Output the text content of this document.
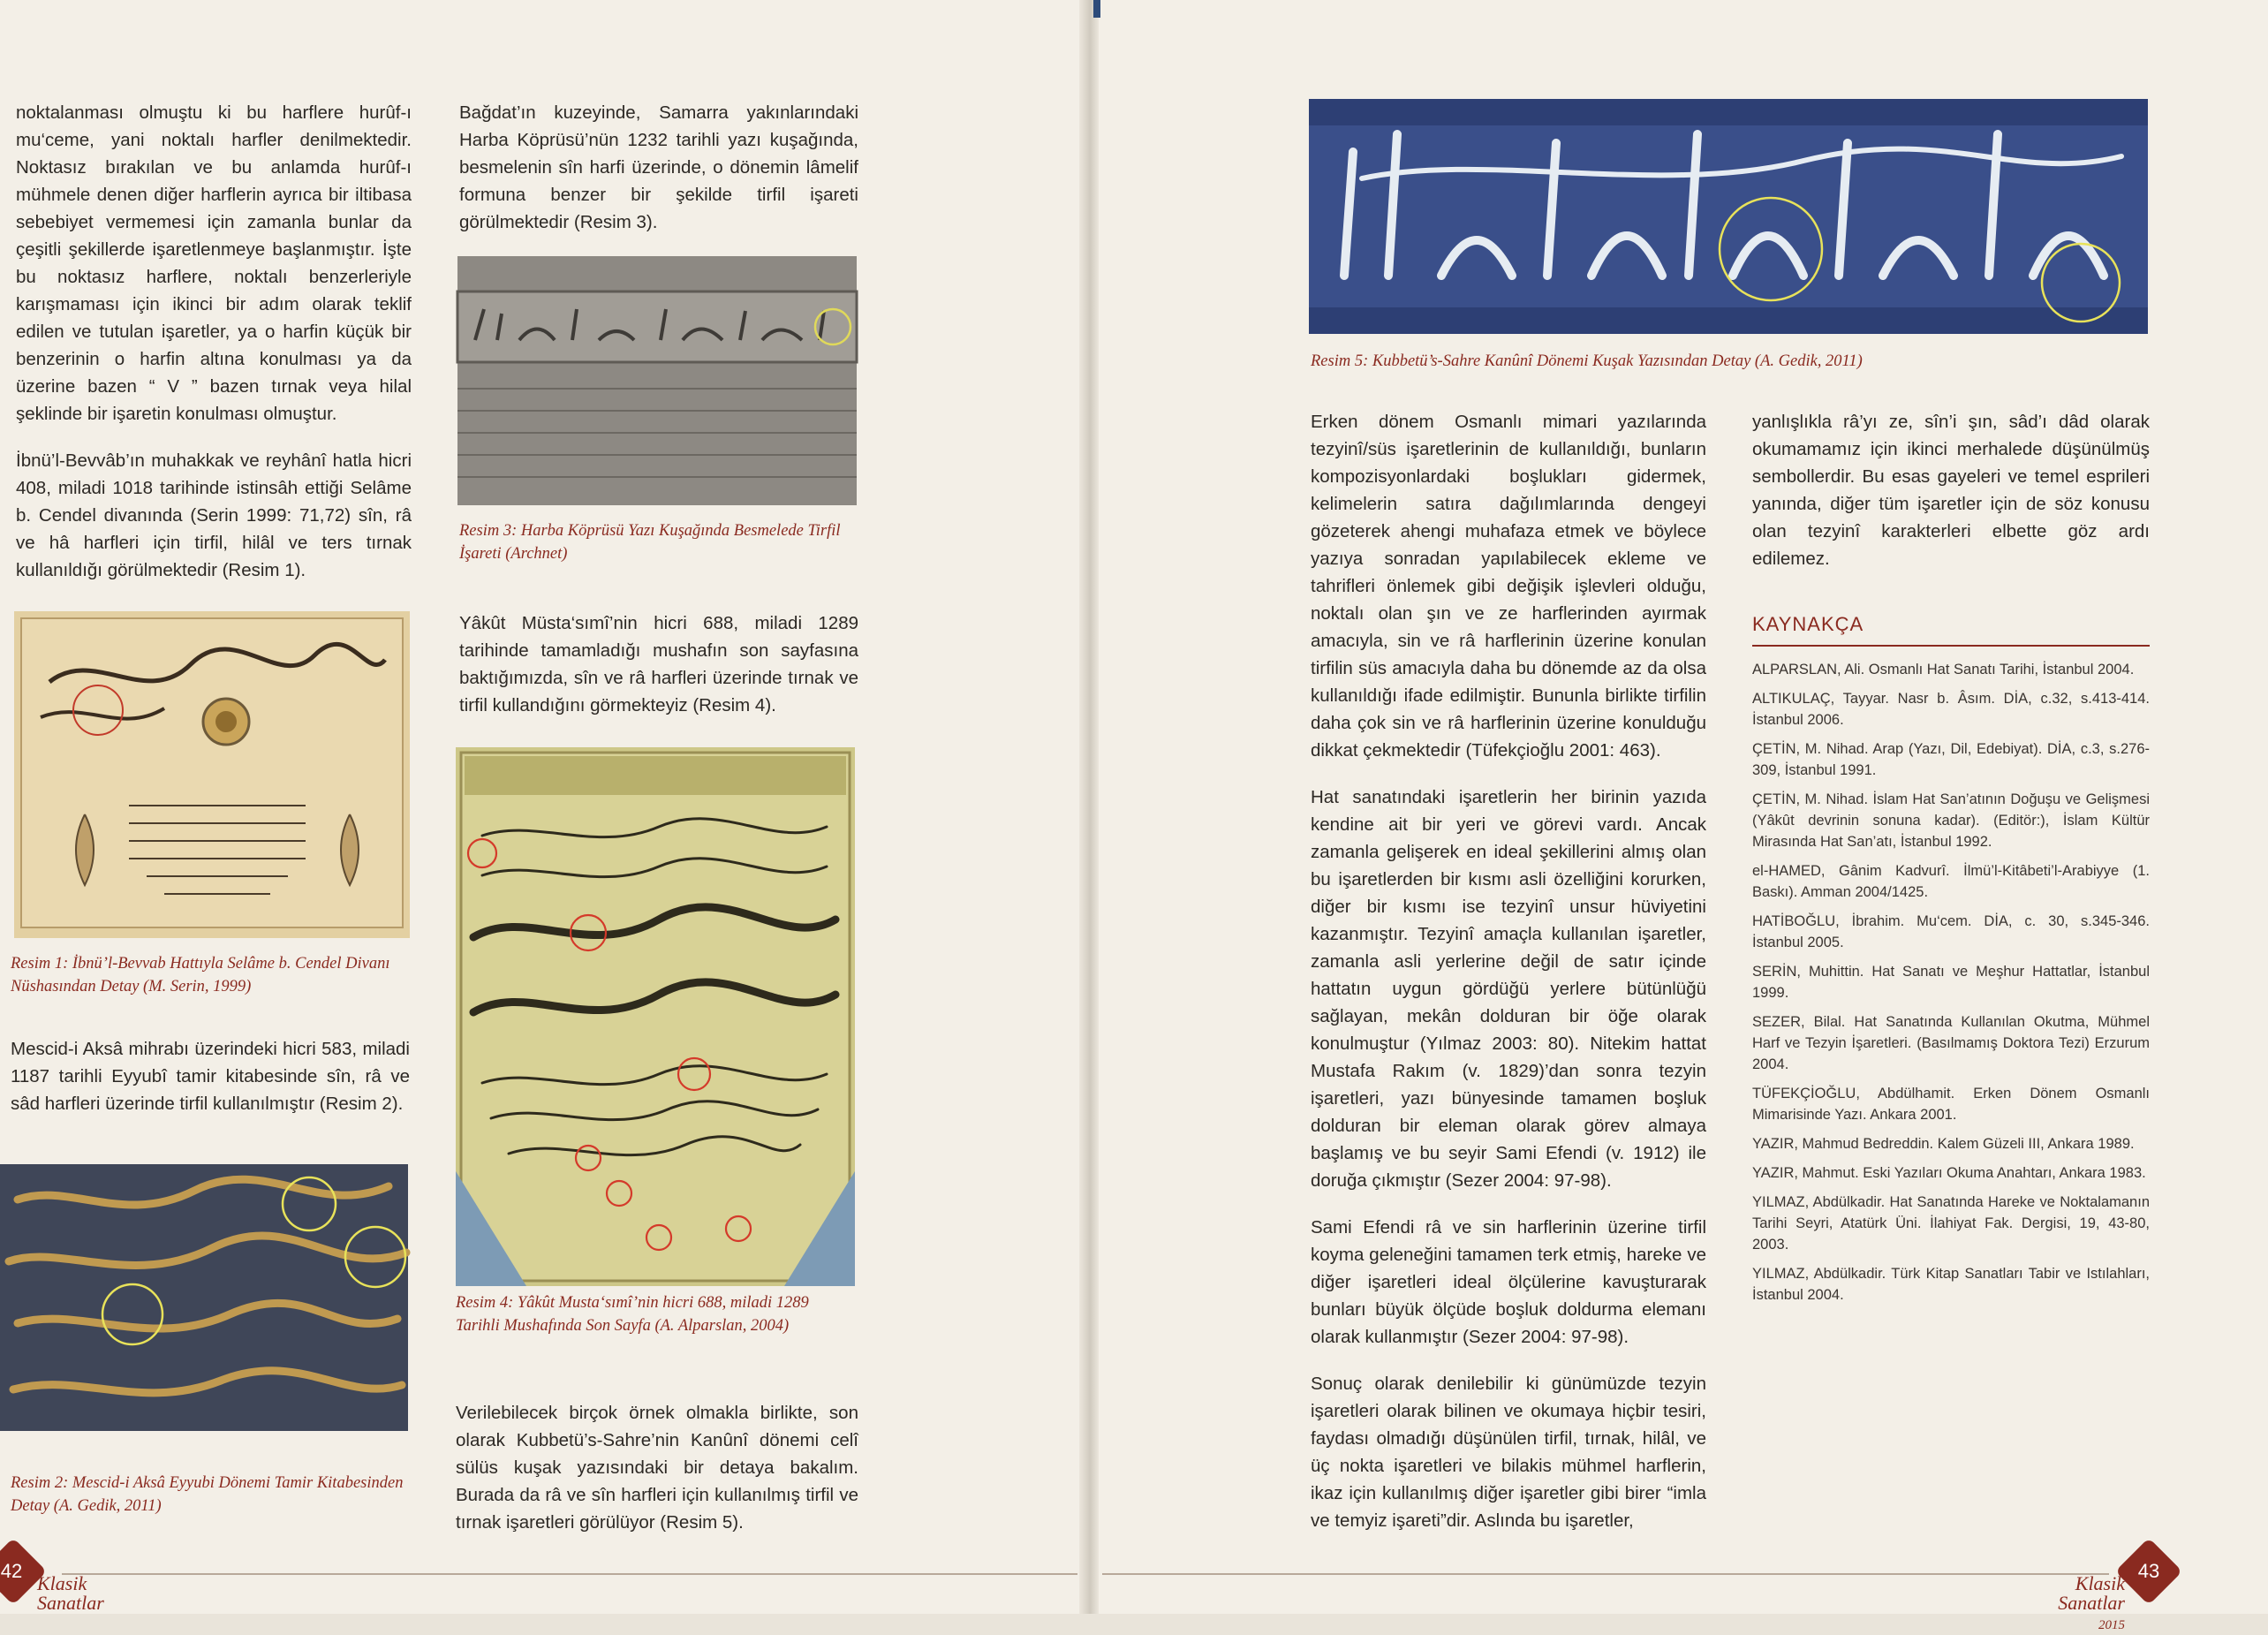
noktalanması olmuştu ki bu harflere hurûf-ı mu‘ceme, yani noktalı harfler denilmektedir. Noktasız bırakılan ve bu anlamda hurûf-ı mühmele denen diğer harflerin ayrıca bir iltibasa sebebiyet vermemesi için zamanla bunlar da çeşitli şekillerde işaretlenmeye başlanmıştır. İşte bu noktasız harflere, noktalı benzerleriyle karışmaması için ikinci bir adım olarak teklif edilen ve tutulan işaretler, ya o harfin küçük bir benzerinin o harfin altına konulması ya da üzerine bazen “ V ” bazen tırnak veya hilal şeklinde bir işaretin konulması olmuştur.

İbnü’l-Bevvâb’ın muhakkak ve reyhânî hatla hicri 408, miladi 1018 tarihinde istinsâh ettiği Selâme b. Cendel divanında (Serin 1999: 71,72) sîn, râ ve hâ harfleri için tirfil, hilâl ve ters tırnak kullanıldığı görülmektedir (Resim 1).

Resim 1: İbnü’l-Bevvab Hattıyla Selâme b. Cendel Divanı Nüshasından Detay (M. Serin, 1999)

Mescid-i Aksâ mihrabı üzerindeki hicri 583, miladi 1187 tarihli Eyyubî tamir kitabesinde sîn, râ ve sâd harfleri üzerinde tirfil kullanılmıştır (Resim 2).

Resim 2: Mescid-i Aksâ Eyyubi Dönemi Tamir Kitabesinden Detay (A. Gedik, 2011)

Bağdat’ın kuzeyinde, Samarra yakınlarındaki Harba Köprüsü’nün 1232 tarihli yazı kuşağında, besmelenin sîn harfi üzerinde, o dönemin lâmelif formuna benzer bir şekilde tirfil işareti görülmektedir (Resim 3).

Resim 3: Harba Köprüsü Yazı Kuşağında Besmelede Tirfil İşareti (Archnet)

Yâkût Müsta‘sımî’nin hicri 688, miladi 1289 tarihinde tamamladığı mushafın son sayfasına baktığımızda, sîn ve râ harfleri üzerinde tırnak ve tirfil kullandığını görmekteyiz (Resim 4).

Resim 4: Yâkût Musta‘sımî’nin hicri 688, miladi 1289 Tarihli Mushafında Son Sayfa (A. Alparslan, 2004)

Verilebilecek birçok örnek olmakla birlikte, son olarak Kubbetü’s-Sahre’nin Kanûnî dönemi celî sülüs kuşak yazısındaki bir detaya bakalım. Burada da râ ve sîn harfleri için kullanılmış tirfil ve tırnak işaretleri görülüyor (Resim 5).

42
Klasik Sanatlar
Resim 5: Kubbetü’s-Sahre Kanûnî Dönemi Kuşak Yazısından Detay (A. Gedik, 2011)

Erken dönem Osmanlı mimari yazılarında tezyinî/süs işaretlerinin de kullanıldığı, bunların kompozisyonlardaki boşlukları gidermek, kelimelerin satıra dağılımlarında dengeyi gözeterek ahengi muhafaza etmek ve böylece yazıya sonradan yapılabilecek ekleme ve tahrifleri önlemek gibi değişik işlevleri olduğu, noktalı olan şın ve ze harflerinden ayırmak amacıyla, sin ve râ harflerinin üzerine konulan tirfilin süs amacıyla daha bu dönemde az da olsa kullanıldığı ifade edilmiştir. Bununla birlikte tirfilin daha çok sin ve râ harflerinin üzerine konulduğu dikkat çekmektedir (Tüfekçioğlu 2001: 463).

Hat sanatındaki işaretlerin her birinin yazıda kendine ait bir yeri ve görevi vardı. Ancak zamanla gelişerek en ideal şekillerini almış olan bu işaretlerden bir kısmı asli özelliğini korurken, diğer bir kısmı ise tezyinî unsur hüviyetini kazanmıştır. Tezyinî amaçla kullanılan işaretler, zamanla asli yerlerine değil de satır içinde hattatın uygun gördüğü yerlere bütünlüğü sağlayan, mekân dolduran bir öğe olarak konulmuştur (Yılmaz 2003: 80). Nitekim hattat Mustafa Rakım (v. 1829)’dan sonra tezyin işaretleri, yazı bünyesinde tamamen boşluk dolduran bir eleman olarak görev almaya başlamış ve bu seyir Sami Efendi (v. 1912) ile doruğa çıkmıştır (Sezer 2004: 97-98).

Sami Efendi râ ve sin harflerinin üzerine tirfil koyma geleneğini tamamen terk etmiş, hareke ve diğer işaretleri ideal ölçülerine kavuşturarak bunları büyük ölçüde boşluk doldurma elemanı olarak kullanmıştır (Sezer 2004: 97-98).

Sonuç olarak denilebilir ki günümüzde tezyin işaretleri olarak bilinen ve okumaya hiçbir tesiri, faydası olmadığı düşünülen tirfil, tırnak, hilâl, ve üç nokta işaretleri ve bilakis mühmel harflerin, ikaz için kullanılmış diğer işaretler gibi birer “imla ve temyiz işareti”dir. Aslında bu işaretler,

yanlışlıkla râ’yı ze, sîn’i şın, sâd’ı dâd olarak okumamamız için ikinci merhalede düşünülmüş sembollerdir. Bu esas gayeleri ve temel esprileri yanında, diğer tüm işaretler için de söz konusu olan tezyinî karakterleri elbette göz ardı edilemez.

KAYNAKÇA
ALPARSLAN, Ali. Osmanlı Hat Sanatı Tarihi, İstanbul 2004.
ALTIKULAÇ, Tayyar. Nasr b. Âsım. DİA, c.32, s.413-414. İstanbul 2006.
ÇETİN, M. Nihad. Arap (Yazı, Dil, Edebiyat). DİA, c.3, s.276-309, İstanbul 1991.
ÇETİN, M. Nihad. İslam Hat San’atının Doğuşu ve Gelişmesi (Yâkût devrinin sonuna kadar). (Editör:), İslam Kültür Mirasında Hat San’atı, İstanbul 1992.
el-HAMED, Gânim Kadvurî. İlmü’l-Kitâbeti’l-Arabiyye (1. Baskı). Amman 2004/1425.
HATİBOĞLU, İbrahim. Mu‘cem. DİA, c. 30, s.345-346. İstanbul 2005.
SERİN, Muhittin. Hat Sanatı ve Meşhur Hattatlar, İstanbul 1999.
SEZER, Bilal. Hat Sanatında Kullanılan Okutma, Mühmel Harf ve Tezyin İşaretleri. (Basılmamış Doktora Tezi) Erzurum 2004.
TÜFEKÇİOĞLU, Abdülhamit. Erken Dönem Osmanlı Mimarisinde Yazı. Ankara 2001.
YAZIR, Mahmud Bedreddin. Kalem Güzeli III, Ankara 1989.
YAZIR, Mahmut. Eski Yazıları Okuma Anahtarı, Ankara 1983.
YILMAZ, Abdülkadir. Hat Sanatında Hareke ve Noktalamanın Tarihi Seyri, Atatürk Üni. İlahiyat Fak. Dergisi, 19, 43-80, 2003.
YILMAZ, Abdülkadir. Türk Kitap Sanatları Tabir ve Istılahları, İstanbul 2004.
43
Klasik Sanatlar 2015
